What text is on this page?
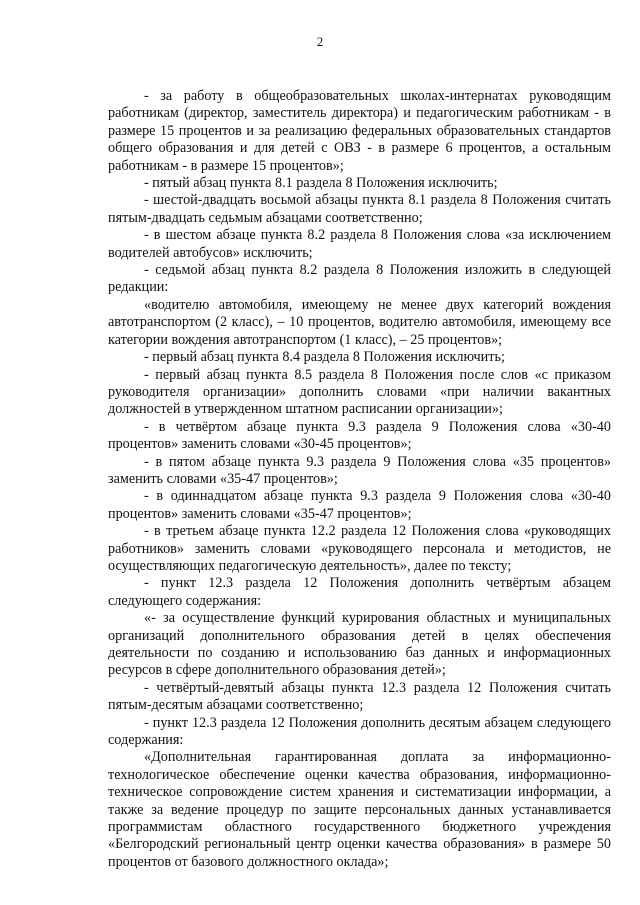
2

- за работу в общеобразовательных школах-интернатах руководящим работникам (директор, заместитель директора) и педагогическим работникам - в размере 15 процентов и за реализацию федеральных образовательных стандартов общего образования и для детей с ОВЗ - в размере 6 процентов, а остальным работникам - в размере 15 процентов»;

- пятый абзац пункта 8.1 раздела 8 Положения исключить;

- шестой-двадцать восьмой абзацы пункта 8.1 раздела 8 Положения считать пятым-двадцать седьмым абзацами соответственно;

- в шестом абзаце пункта 8.2 раздела 8 Положения слова «за исключением водителей автобусов» исключить;

- седьмой абзац пункта 8.2 раздела 8 Положения изложить в следующей редакции:

«водителю автомобиля, имеющему не менее двух категорий вождения автотранспортом (2 класс), – 10 процентов, водителю автомобиля, имеющему все категории вождения автотранспортом (1 класс), – 25 процентов»;

- первый абзац пункта 8.4 раздела 8 Положения исключить;

- первый абзац пункта 8.5 раздела 8 Положения после слов «с приказом руководителя организации» дополнить словами «при наличии вакантных должностей в утвержденном штатном расписании организации»;

- в четвёртом абзаце пункта 9.3 раздела 9 Положения слова «30-40 процентов» заменить словами «30-45 процентов»;

- в пятом абзаце пункта 9.3 раздела 9 Положения слова «35 процентов» заменить словами «35-47 процентов»;

- в одиннадцатом абзаце пункта 9.3 раздела 9 Положения слова «30-40 процентов» заменить словами «35-47 процентов»;

- в третьем абзаце пункта 12.2 раздела 12 Положения слова «руководящих работников» заменить словами «руководящего персонала и методистов, не осуществляющих педагогическую деятельность», далее по тексту;

- пункт 12.3 раздела 12 Положения дополнить четвёртым абзацем следующего содержания:

«- за осуществление функций курирования областных и муниципальных организаций дополнительного образования детей в целях обеспечения деятельности по созданию и использованию баз данных и информационных ресурсов в сфере дополнительного образования детей»;

- четвёртый-девятый абзацы пункта 12.3 раздела 12 Положения считать пятым-десятым абзацами соответственно;

- пункт 12.3 раздела 12 Положения дополнить десятым абзацем следующего содержания:

«Дополнительная гарантированная доплата за информационно-технологическое обеспечение оценки качества образования, информационно-техническое сопровождение систем хранения и систематизации информации, а также за ведение процедур по защите персональных данных устанавливается программистам областного государственного бюджетного учреждения «Белгородский региональный центр оценки качества образования» в размере 50 процентов от базового должностного оклада»;
